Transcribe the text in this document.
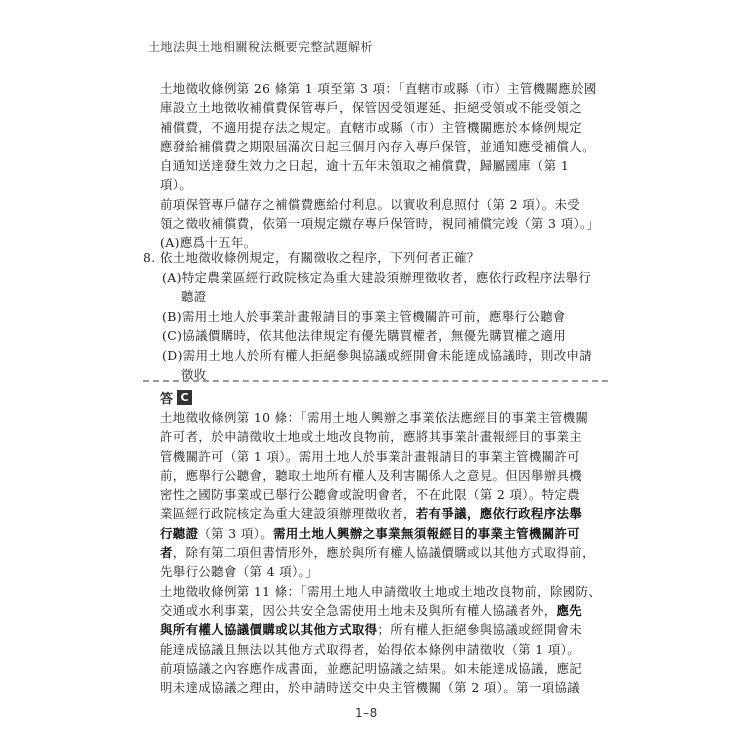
土地法與土地相關稅法概要完整試題解析

土地徵收條例第 26 條第 1 項至第 3 項：「直轄市或縣（市）主管機關應於國

庫設立土地徵收補償費保管專戶，保管因受領遲延、拒絕受領或不能受領之

補償費，不適用提存法之規定。直轄市或縣（市）主管機關應於本條例規定

應發給補償費之期限屆滿次日起三個月內存入專戶保管，並通知應受補償人。

自通知送達發生效力之日起，逾十五年未領取之補償費，歸屬國庫（第 1 項）。

前項保管專戶儲存之補償費應給付利息。以實收利息照付（第 2 項）。未受

領之徵收補償費，依第一項規定繳存專戶保管時，視同補償完竣（第 3 項）。」

(A)應爲十五年。

8. 依土地徵收條例規定，有關徵收之程序，下列何者正確？

(A)特定農業區經行政院核定為重大建設須辦理徵收者，應依行政程序法舉行
聽證

(B)需用土地人於事業計畫報請目的事業主管機關許可前，應舉行公聽會

(C)協議價購時，依其他法律規定有優先購買權者，無優先購買權之適用

(D)需用土地人於所有權人拒絕參與協議或經開會未能達成協議時，則改申請
徵收

答 C

土地徵收條例第 10 條：「需用土地人興辦之事業依法應經目的事業主管機關

許可者，於申請徵收土地或土地改良物前，應將其事業計畫報經目的事業主

管機關許可（第 1 項）。需用土地人於事業計畫報請目的事業主管機關許可

前，應舉行公聽會，聽取土地所有權人及利害關係人之意見。但因舉辦具機

密性之國防事業或已舉行公聽會或說明會者，不在此限（第 2 項）。特定農

業區經行政院核定為重大建設須辦理徵收者，若有爭議，應依行政程序法舉

行聽證（第 3 項）。需用土地人興辦之事業無須報經目的事業主管機關許可

者，除有第二項但書情形外，應於與所有權人協議價購或以其他方式取得前，

先舉行公聽會（第 4 項）。」

土地徵收條例第 11 條：「需用土地人申請徵收土地或土地改良物前，除國防、

交通或水利事業，因公共安全急需使用土地未及與所有權人協議者外，應先

與所有權人協議價購或以其他方式取得；所有權人拒絕參與協議或經開會未

能達成協議且無法以其他方式取得者，始得依本條例申請徵收（第 1 項）。

前項協議之內容應作成書面，並應記明協議之結果。如未能達成協議，應記

明未達成協議之理由，於申請時送交中央主管機關（第 2 項）。第一項協議

1–8
